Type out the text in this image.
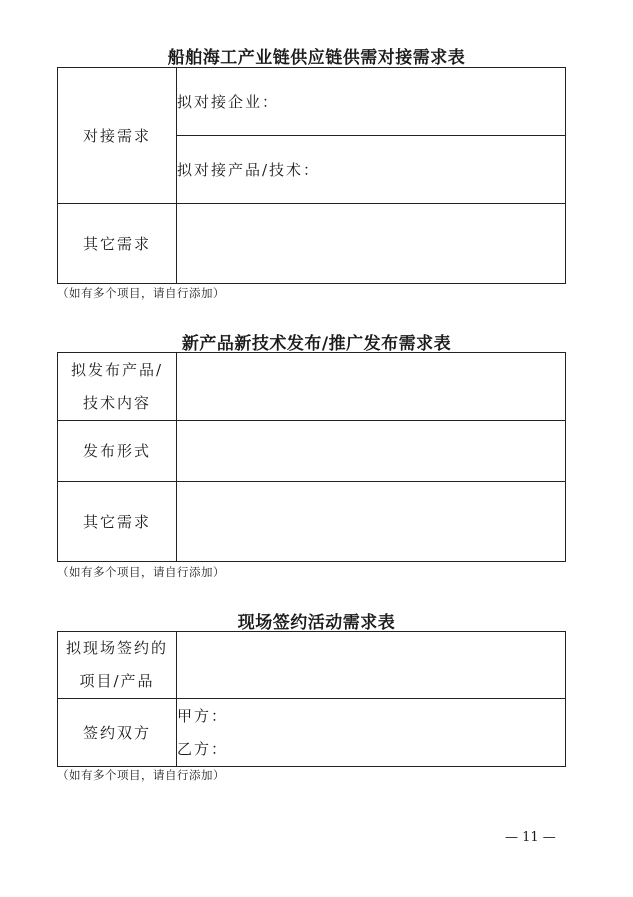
船舶海工产业链供应链供需对接需求表
对接需求	拟对接企业：
	拟对接产品/技术：
其它需求	
（如有多个项目，请自行添加）
新产品新技术发布/推广发布需求表
拟发布产品/
技术内容	

发布形式	
其它需求	
（如有多个项目，请自行添加）
现场签约活动需求表
拟现场签约的
项目/产品	

签约双方	甲方：
乙方：
（如有多个项目，请自行添加）
— 11 —
